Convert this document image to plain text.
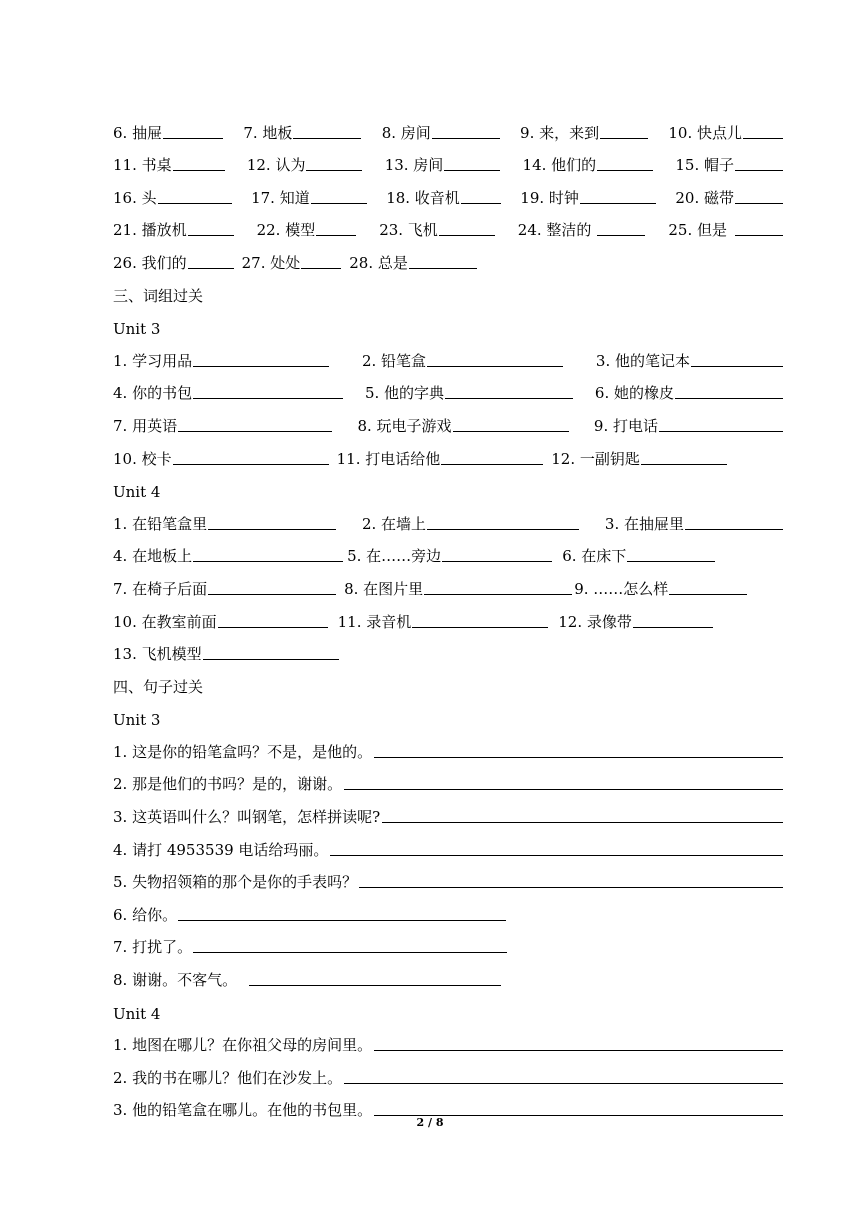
6. 抽屉	7. 地板	8. 房间	9. 来，来到	10. 快点儿
11. 书桌	12. 认为	13. 房间	14. 他们的	15. 帽子
16. 头	17. 知道	18. 收音机	19. 时钟	20. 磁带
21. 播放机	22. 模型	23. 飞机	24. 整洁的	25. 但是
26. 我们的	27. 处处	28. 总是
三、词组过关
Unit 3
1. 学习用品	2. 铅笔盒	3. 他的笔记本
4. 你的书包	5. 他的字典	6. 她的橡皮
7. 用英语	8. 玩电子游戏	9. 打电话
10. 校卡	11. 打电话给他	12. 一副钥匙
Unit 4
1. 在铅笔盒里	2. 在墙上	3. 在抽屉里
4. 在地板上	5. 在……旁边	6. 在床下
7. 在椅子后面	8. 在图片里	9. ……怎么样
10. 在教室前面	11. 录音机	12. 录像带
13. 飞机模型
四、句子过关
Unit 3
1. 这是你的铅笔盒吗？不是，是他的。
2. 那是他们的书吗？是的，谢谢。
3. 这英语叫什么？叫钢笔，怎样拼读呢?
4. 请打 4953539 电话给玛丽。
5. 失物招领箱的那个是你的手表吗？
6. 给你。
7. 打扰了。
8. 谢谢。不客气。
Unit 4
1. 地图在哪儿？在你祖父母的房间里。
2. 我的书在哪儿？他们在沙发上。
3. 他的铅笔盒在哪儿。在他的书包里。
2 / 8
